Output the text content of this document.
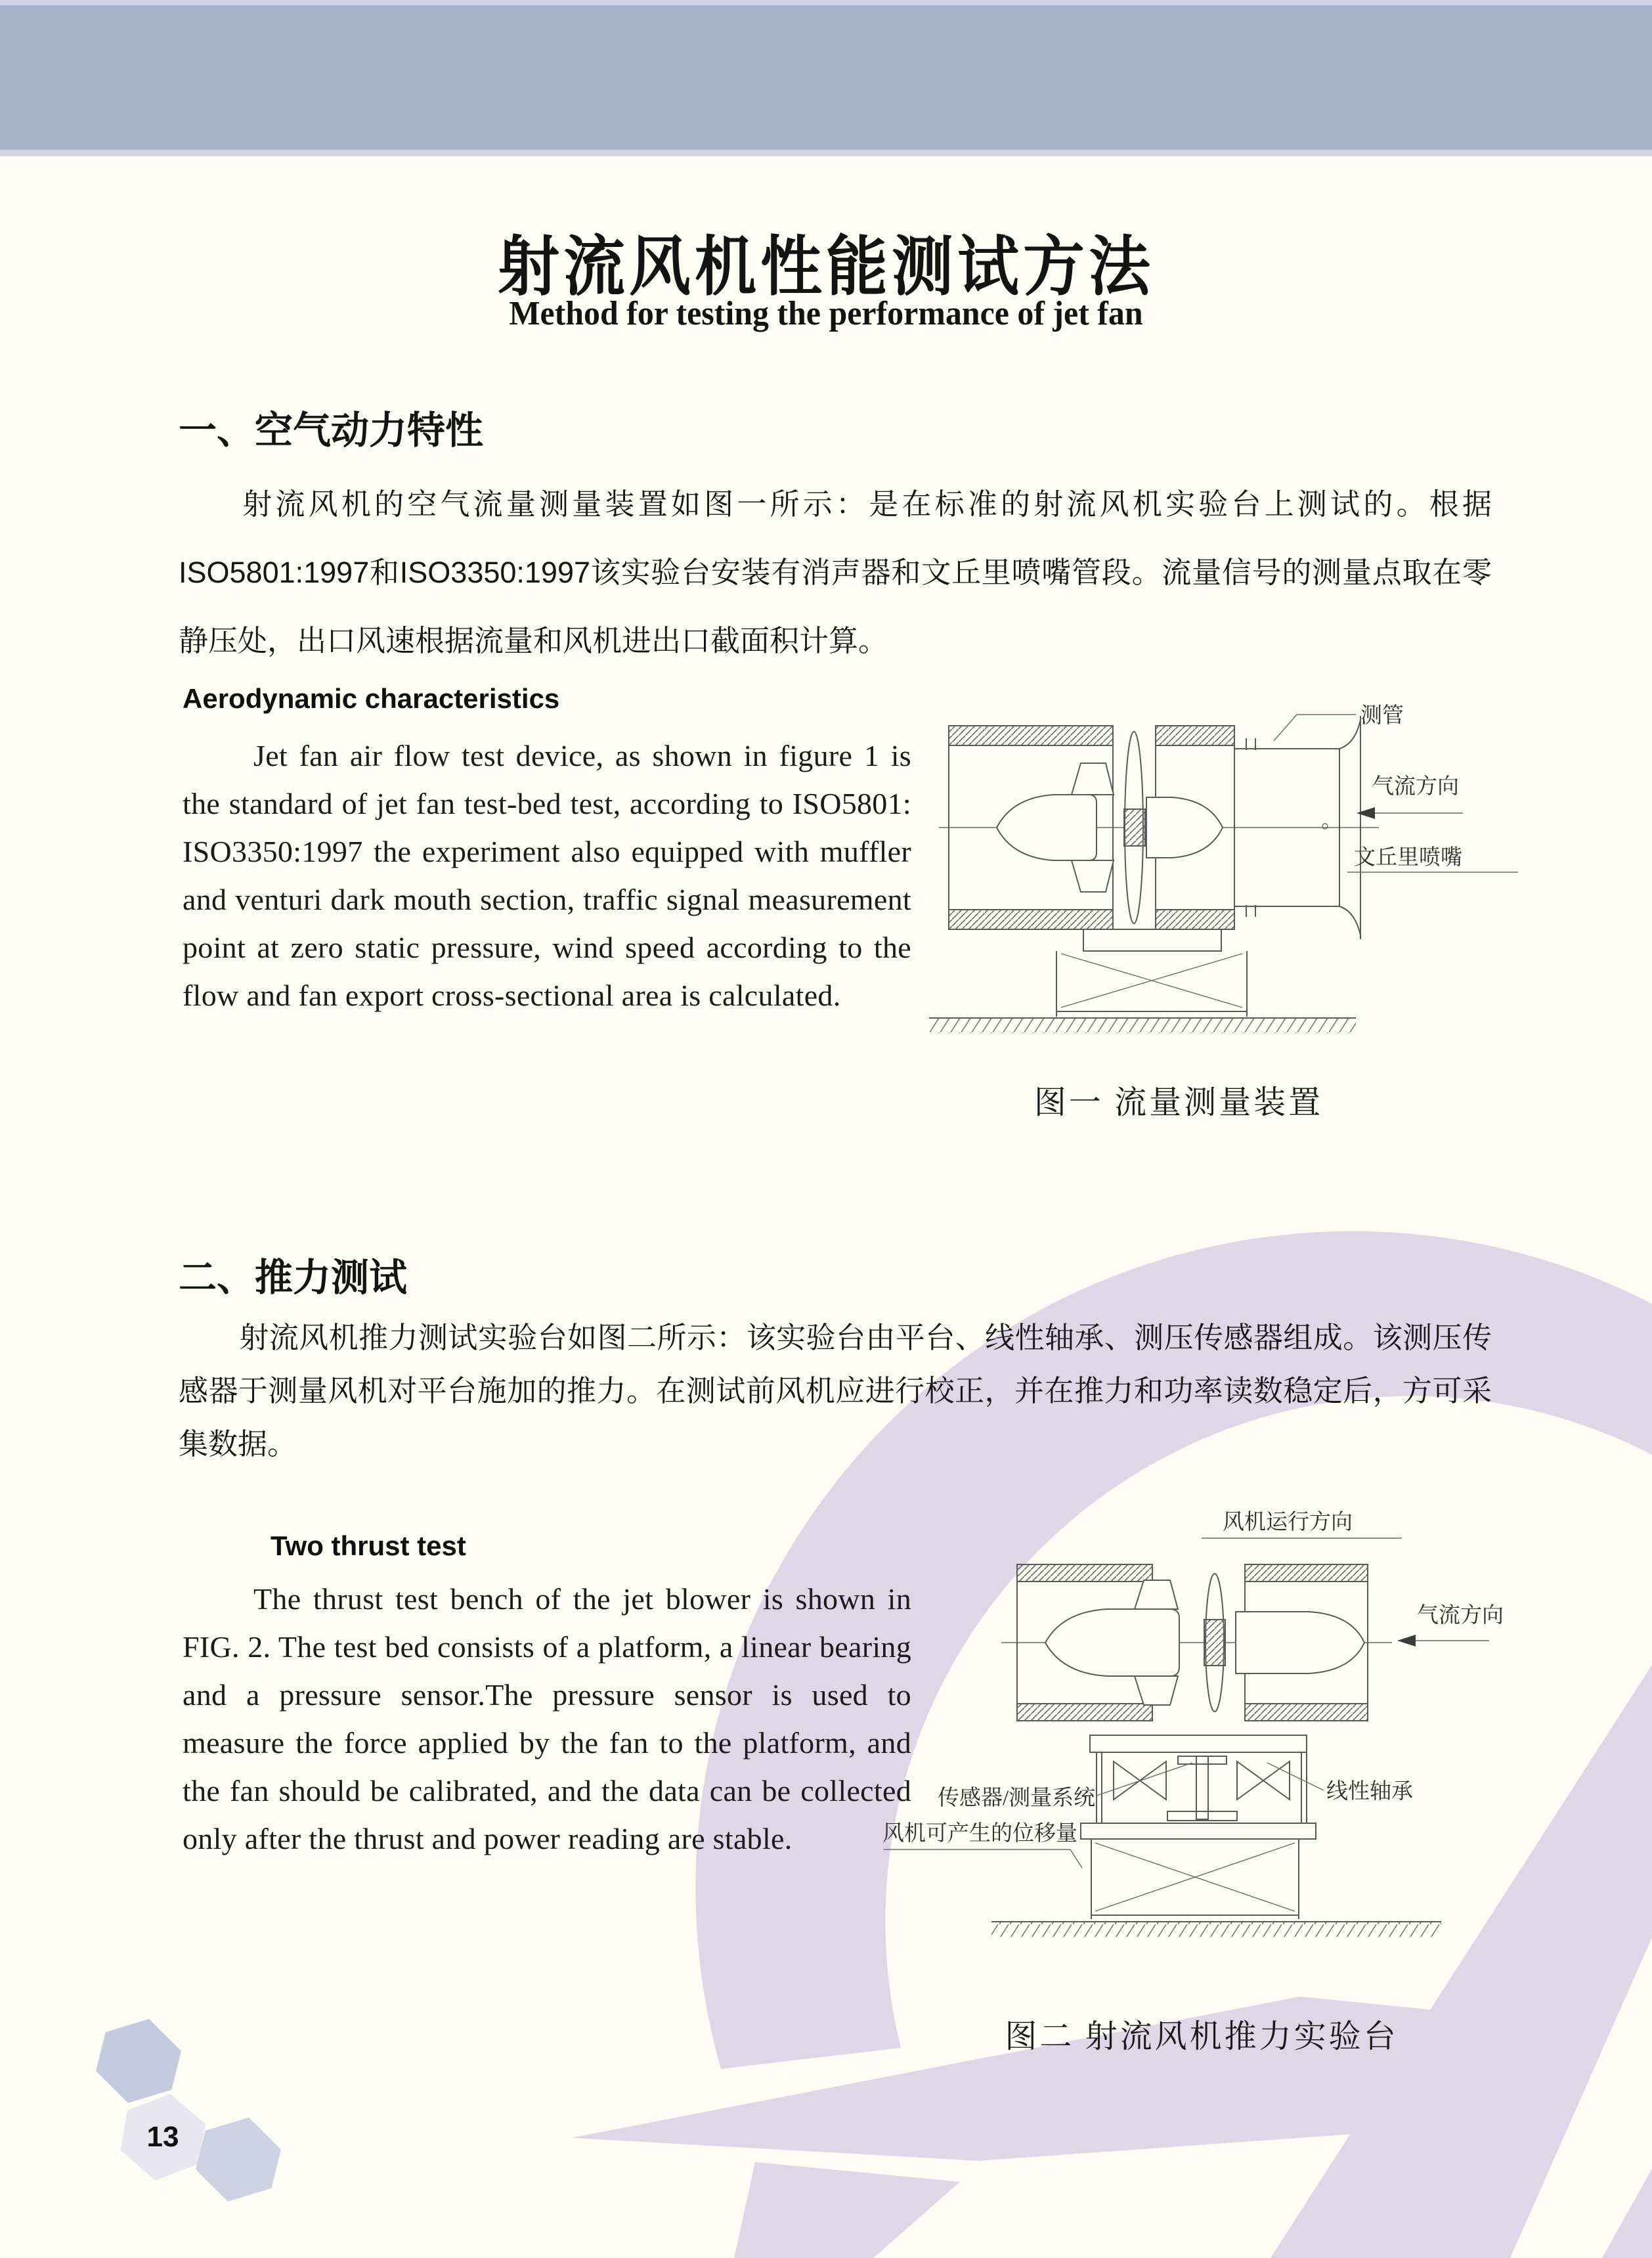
射流风机性能测试方法
Method for testing the performance of jet fan
一、空气动力特性
射流风机的空气流量测量装置如图一所示：是在标准的射流风机实验台上测试的。根据ISO5801:1997和ISO3350:1997该实验台安装有消声器和文丘里喷嘴管段。流量信号的测量点取在零静压处，出口风速根据流量和风机进出口截面积计算。
Aerodynamic characteristics
Jet fan air flow test device, as shown in figure 1 is the standard of jet fan test-bed test, according to ISO5801: ISO3350:1997 the experiment also equipped with muffler and venturi dark mouth section, traffic signal measurement point at zero static pressure, wind speed according to the flow and fan export cross-sectional area is calculated.
测管
气流方向
文丘里喷嘴
图一 流量测量装置
二、推力测试
射流风机推力测试实验台如图二所示：该实验台由平台、线性轴承、测压传感器组成。该测压传感器于测量风机对平台施加的推力。在测试前风机应进行校正，并在推力和功率读数稳定后，方可采集数据。
Two thrust test
The thrust test bench of the jet blower is shown in FIG. 2. The test bed consists of a platform, a linear bearing and a pressure sensor.The pressure sensor is used to measure the force applied by the fan to the platform, and the fan should be calibrated, and the data can be collected only after the thrust and power reading are stable.
风机运行方向
气流方向
传感器/测量系统	线性轴承
风机可产生的位移量
图二 射流风机推力实验台
13
